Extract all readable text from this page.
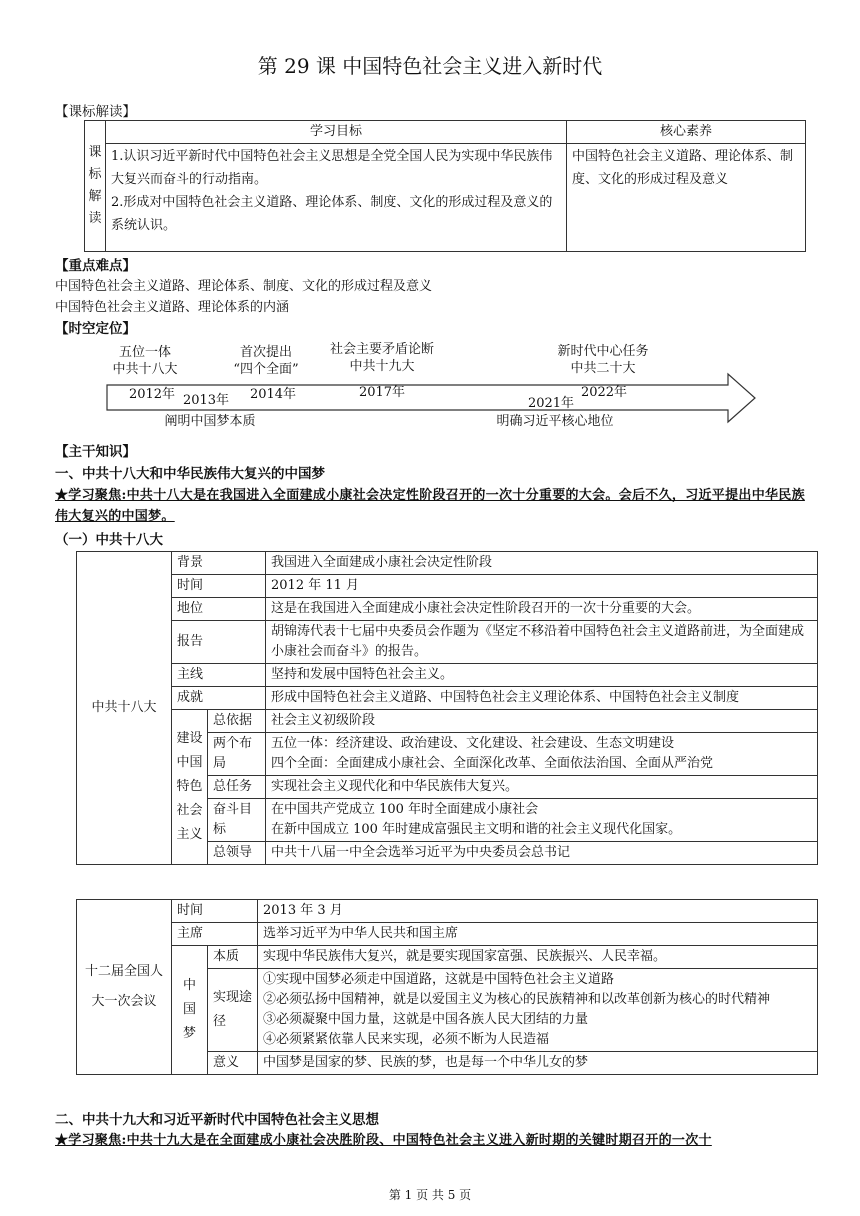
第 29 课 中国特色社会主义进入新时代
【课标解读】
课标解读	学习目标	核心素养

	1.认识习近平新时代中国特色社会主义思想是全党全国人民为实现中华民族伟大复兴而奋斗的行动指南。
2.形成对中国特色社会主义道路、理论体系、制度、文化的形成过程及意义的系统认识。	中国特色社会主义道路、理论体系、制度、文化的形成过程及意义
【重点难点】
中国特色社会主义道路、理论体系、制度、文化的形成过程及意义
中国特色社会主义道路、理论体系的内涵
【时空定位】
五位一体
中共十八大
2012年
首次提出
“四个全面”
2014年
社会主要矛盾论断
中共十九大
2017年
新时代中心任务
中共二十大
2022年
2013年
阐明中国梦本质
2021年
明确习近平核心地位
【主干知识】
一、中共十八大和中华民族伟大复兴的中国梦
★学习聚焦:中共十八大是在我国进入全面建成小康社会决定性阶段召开的一次十分重要的大会。会后不久，习近平提出中华民族伟大复兴的中国梦。
（一）中共十八大
中共十八大	背景		我国进入全面建成小康社会决定性阶段
	时间		2012 年 11 月
	地位		这是在我国进入全面建成小康社会决定性阶段召开的一次十分重要的大会。
	报告		胡锦涛代表十七届中央委员会作题为《坚定不移沿着中国特色社会主义道路前进，为全面建成小康社会而奋斗》的报告。
	主线		坚持和发展中国特色社会主义。
	成就		形成中国特色社会主义道路、中国特色社会主义理论体系、中国特色社会主义制度
	建设中国特色社会主义	总依据	社会主义初级阶段
		两个布局	五位一体：经济建设、政治建设、文化建设、社会建设、生态文明建设
四个全面：全面建成小康社会、全面深化改革、全面依法治国、全面从严治党

		总任务	实现社会主义现代化和中华民族伟大复兴。
		奋斗目标	在中国共产党成立 100 年时全面建成小康社会
在新中国成立 100 年时建成富强民主文明和谐的社会主义现代化国家。

		总领导	中共十八届一中全会选举习近平为中央委员会总书记
十二届全国人大一次会议	时间		2013 年 3 月
	主席		选举习近平为中华人民共和国主席
	中国梦	本质	实现中华民族伟大复兴，就是要实现国家富强、民族振兴、人民幸福。
		实现途径	①实现中国梦必须走中国道路，这就是中国特色社会主义道路
②必须弘扬中国精神，就是以爱国主义为核心的民族精神和以改革创新为核心的时代精神
③必须凝聚中国力量，这就是中国各族人民大团结的力量
④必须紧紧依靠人民来实现，必须不断为人民造福

		意义	中国梦是国家的梦、民族的梦，也是每一个中华儿女的梦
二、中共十九大和习近平新时代中国特色社会主义思想
★学习聚焦:中共十九大是在全面建成小康社会决胜阶段、中国特色社会主义进入新时期的关键时期召开的一次十
第 1 页 共 5 页
